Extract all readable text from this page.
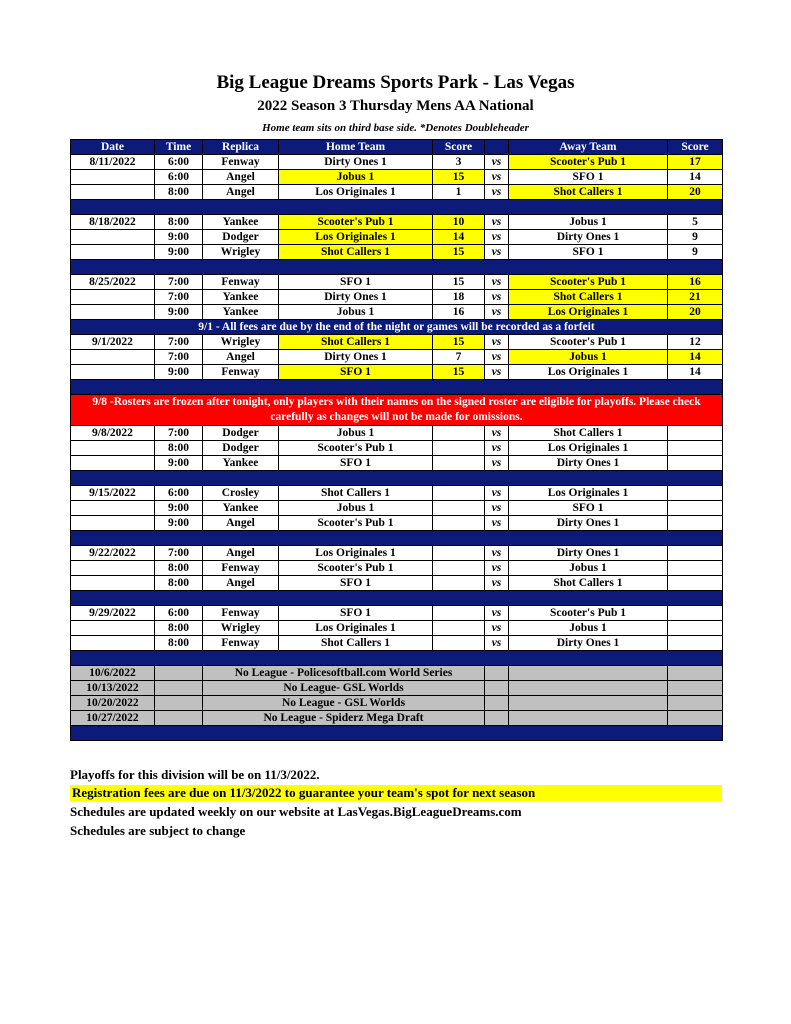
Big League Dreams Sports Park - Las Vegas
2022 Season 3 Thursday Mens AA National
Home team sits on third base side. *Denotes Doubleheader
Date	Time	Replica	Home Team	Score		Away Team	Score
8/11/2022	6:00	Fenway	Dirty Ones 1	3	vs	Scooter's Pub 1	17
	6:00	Angel	Jobus 1	15	vs	SFO 1	14
	8:00	Angel	Los Originales 1	1	vs	Shot Callers 1	20

8/18/2022	8:00	Yankee	Scooter's Pub 1	10	vs	Jobus 1	5
	9:00	Dodger	Los Originales 1	14	vs	Dirty Ones 1	9
	9:00	Wrigley	Shot Callers 1	15	vs	SFO 1	9

8/25/2022	7:00	Fenway	SFO 1	15	vs	Scooter's Pub 1	16
	7:00	Yankee	Dirty Ones 1	18	vs	Shot Callers 1	21
	9:00	Yankee	Jobus 1	16	vs	Los Originales 1	20
9/1 - All fees are due by the end of the night or games will be recorded as a forfeit							
9/1/2022	7:00	Wrigley	Shot Callers 1	15	vs	Scooter's Pub 1	12
	7:00	Angel	Dirty Ones 1	7	vs	Jobus 1	14
	9:00	Fenway	SFO 1	15	vs	Los Originales 1	14

9/8 -Rosters are frozen after tonight, only players with their names on the signed roster are eligible for playoffs. Please check carefully as changes will not be made for omissions.							
9/8/2022	7:00	Dodger	Jobus 1		vs	Shot Callers 1	
	8:00	Dodger	Scooter's Pub 1		vs	Los Originales 1	
	9:00	Yankee	SFO 1		vs	Dirty Ones 1	

9/15/2022	6:00	Crosley	Shot Callers 1		vs	Los Originales 1	
	9:00	Yankee	Jobus 1		vs	SFO 1	
	9:00	Angel	Scooter's Pub 1		vs	Dirty Ones 1	

9/22/2022	7:00	Angel	Los Originales 1		vs	Dirty Ones 1	
	8:00	Fenway	Scooter's Pub 1		vs	Jobus 1	
	8:00	Angel	SFO 1		vs	Shot Callers 1	

9/29/2022	6:00	Fenway	SFO 1		vs	Scooter's Pub 1	
	8:00	Wrigley	Los Originales 1		vs	Jobus 1	
	8:00	Fenway	Shot Callers 1		vs	Dirty Ones 1	

10/6/2022		No League - Policesoftball.com World Series					
10/13/2022		No League- GSL Worlds					
10/20/2022		No League - GSL Worlds					
10/27/2022		No League - Spiderz Mega Draft					

Playoffs for this division will be on 11/3/2022.
Registration fees are due on 11/3/2022 to guarantee your team's spot for next season
Schedules are updated weekly on our website at LasVegas.BigLeagueDreams.com
Schedules are subject to change
